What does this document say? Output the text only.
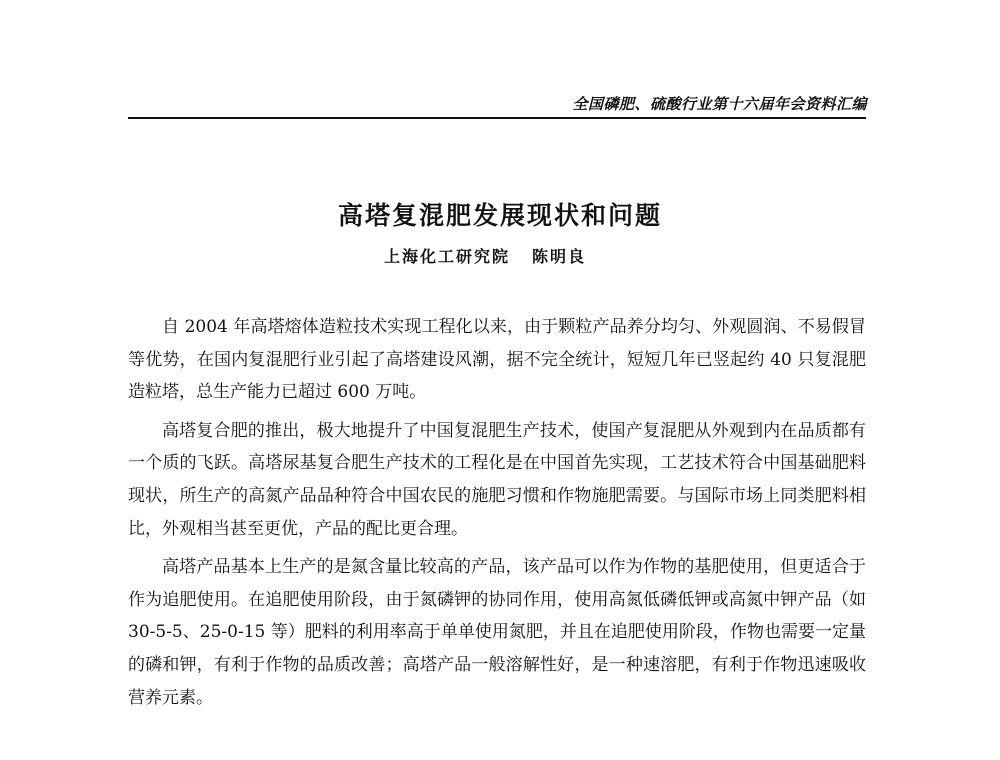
全国磷肥、硫酸行业第十六届年会资料汇编
高塔复混肥发展现状和问题
上海化工研究院 陈明良

自 2004 年高塔熔体造粒技术实现工程化以来，由于颗粒产品养分均匀、外观圆润、不易假冒等优势，在国内复混肥行业引起了高塔建设风潮，据不完全统计，短短几年已竖起约 40 只复混肥造粒塔，总生产能力已超过 600 万吨。

高塔复合肥的推出，极大地提升了中国复混肥生产技术，使国产复混肥从外观到内在品质都有一个质的飞跃。高塔尿基复合肥生产技术的工程化是在中国首先实现，工艺技术符合中国基础肥料现状，所生产的高氮产品品种符合中国农民的施肥习惯和作物施肥需要。与国际市场上同类肥料相比，外观相当甚至更优，产品的配比更合理。

高塔产品基本上生产的是氮含量比较高的产品，该产品可以作为作物的基肥使用，但更适合于作为追肥使用。在追肥使用阶段，由于氮磷钾的协同作用，使用高氮低磷低钾或高氮中钾产品（如 30-5-5、25-0-15 等）肥料的利用率高于单单使用氮肥，并且在追肥使用阶段，作物也需要一定量的磷和钾，有利于作物的品质改善；高塔产品一般溶解性好，是一种速溶肥，有利于作物迅速吸收营养元素。
